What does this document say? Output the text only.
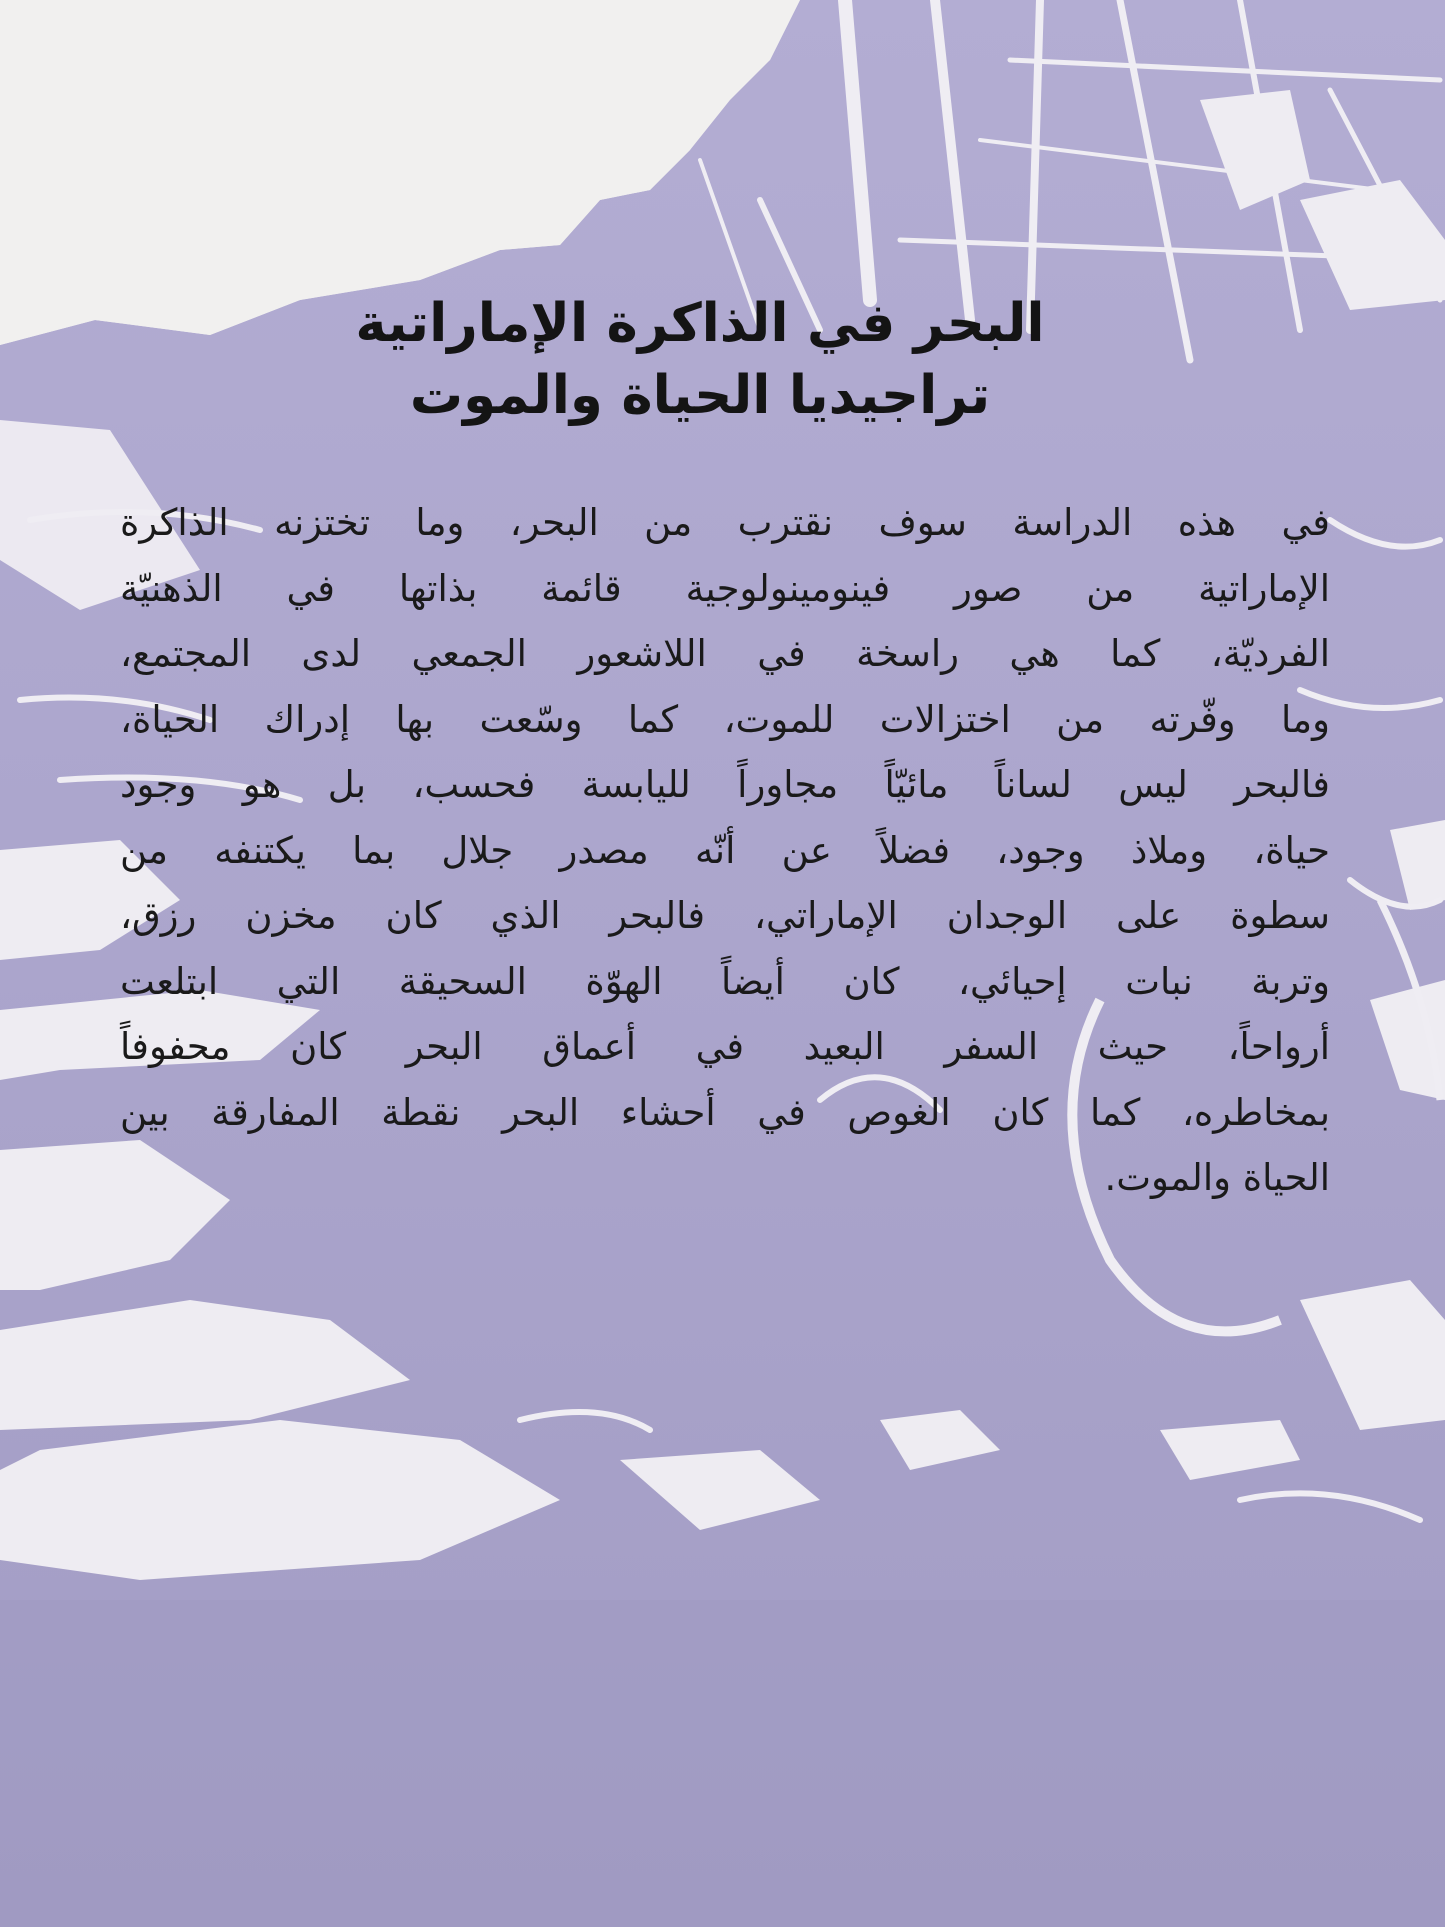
البحر في الذاكرة الإماراتية
تراجيديا الحياة والموت
في هذه الدراسة سوف نقترب من البحر، وما تختزنه الذاكرة
الإماراتية من صور فينومينولوجية قائمة بذاتها في الذهنيّة
الفرديّة، كما هي راسخة في اللاشعور الجمعي لدى المجتمع،
وما وفّرته من اختزالات للموت، كما وسّعت بها إدراك الحياة،
فالبحر ليس لساناً مائيّاً مجاوراً لليابسة فحسب، بل هو وجود
حياة، وملاذ وجود، فضلاً عن أنّه مصدر جلال بما يكتنفه من
سطوة على الوجدان الإماراتي، فالبحر الذي كان مخزن رزق،
وتربة نبات إحيائي، كان أيضاً الهوّة السحيقة التي ابتلعت
أرواحاً، حيث السفر البعيد في أعماق البحر كان محفوفاً
بمخاطره، كما كان الغوص في أحشاء البحر نقطة المفارقة بين
الحياة والموت.
